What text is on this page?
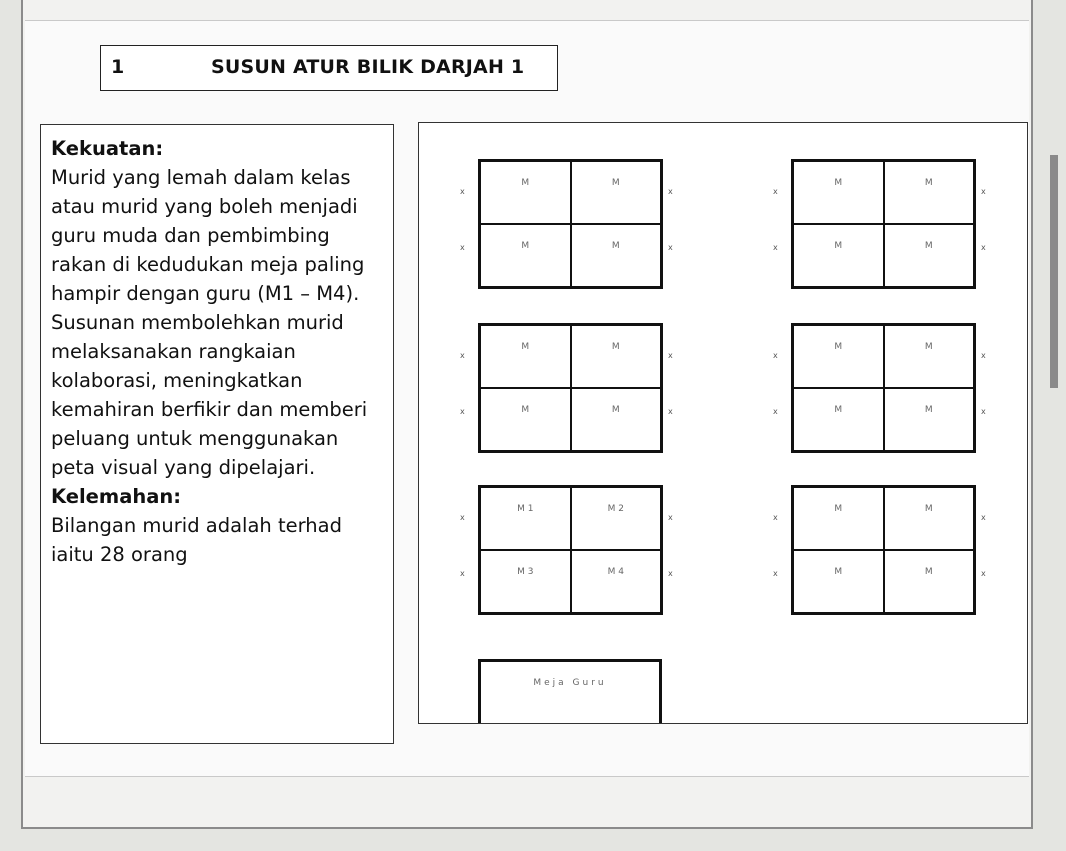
1	SUSUN ATUR BILIK DARJAH 1

Kekuatan:

Murid yang lemah dalam kelas atau murid yang boleh menjadi guru muda dan pembimbing rakan di kedudukan meja paling hampir dengan guru (M1 – M4).

Susunan membolehkan murid melaksanakan rangkaian kolaborasi, meningkatkan kemahiran berfikir dan memberi peluang untuk menggunakan peta visual yang dipelajari.

Kelemahan:

Bilangan murid adalah terhad iaitu 28 orang

Meja Guru
M	M
M	M
x	x
x	x
M	M
M	M
x	x
x	x
M	M
M	M
x	x
x	x
M	M
M	M
x	x
x	x
M 1	M 2
M 3	M 4
x	x
x	x
M	M
M	M
x	x
x	x
